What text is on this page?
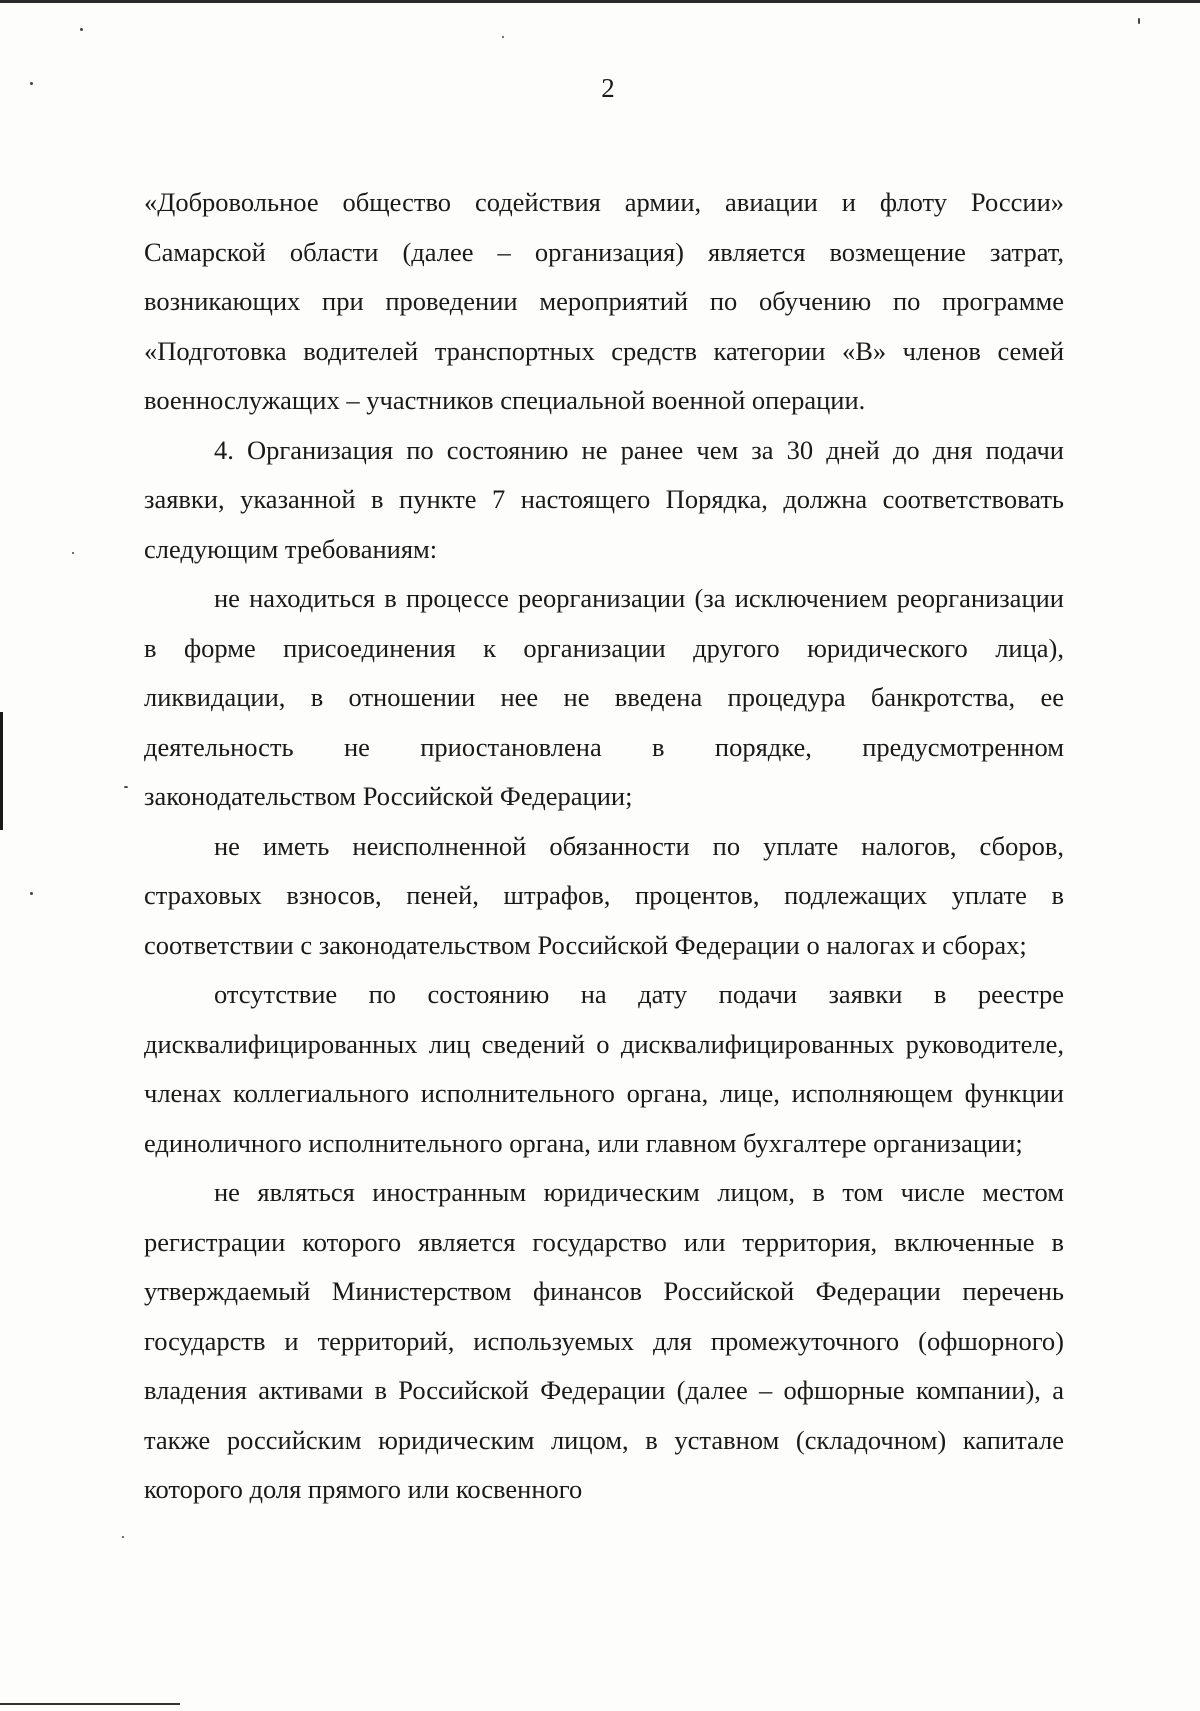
2

«Добровольное общество содействия армии, авиации и флоту России» Самарской области (далее – организация) является возмещение затрат, возникающих при проведении мероприятий по обучению по программе «Подготовка водителей транспортных средств категории «В» членов семей военнослужащих – участников специальной военной операции.

4. Организация по состоянию не ранее чем за 30 дней до дня подачи заявки, указанной в пункте 7 настоящего Порядка, должна соответствовать следующим требованиям:

не находиться в процессе реорганизации (за исключением реорганизации в форме присоединения к организации другого юридического лица), ликвидации, в отношении нее не введена процедура банкротства, ее деятельность не приостановлена в порядке, предусмотренном законодательством Российской Федерации;

не иметь неисполненной обязанности по уплате налогов, сборов, страховых взносов, пеней, штрафов, процентов, подлежащих уплате в соответствии с законодательством Российской Федерации о налогах и сборах;

отсутствие по состоянию на дату подачи заявки в реестре дисквалифицированных лиц сведений о дисквалифицированных руководителе, членах коллегиального исполнительного органа, лице, исполняющем функции единоличного исполнительного органа, или главном бухгалтере организации;

не являться иностранным юридическим лицом, в том числе местом регистрации которого является государство или территория, включенные в утверждаемый Министерством финансов Российской Федерации перечень государств и территорий, используемых для промежуточного (офшорного) владения активами в Российской Федерации (далее – офшорные компании), а также российским юридическим лицом, в уставном (складочном) капитале которого доля прямого или косвенного
